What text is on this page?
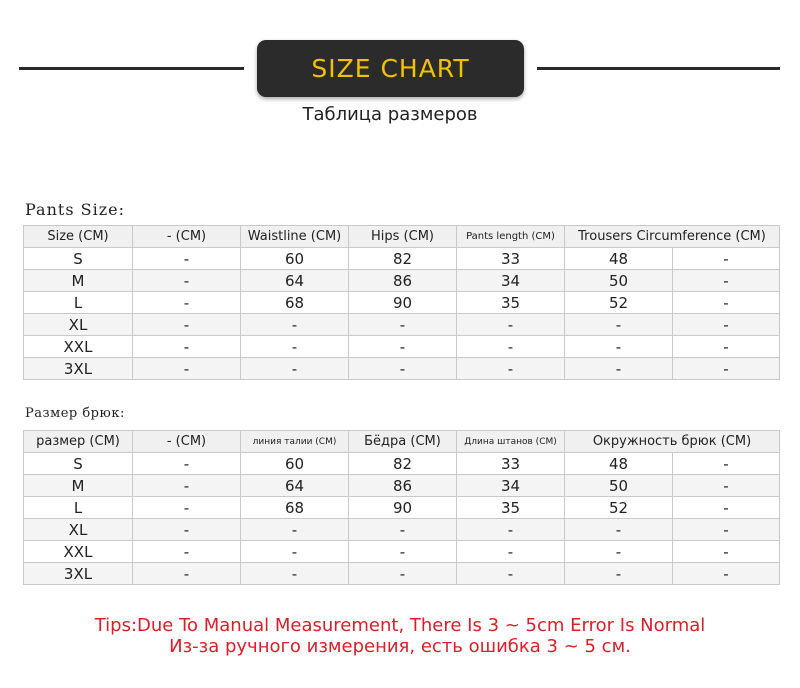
SIZE CHART
Таблица размеров
Pants Size:
Size (CM)	- (CM)	Waistline (CM)	Hips (CM)	Pants length (CM)	Trousers Circumference (CM)	
S	-	60	82	33	48	-
M	-	64	86	34	50	-
L	-	68	90	35	52	-
XL	-	-	-	-	-	-
XXL	-	-	-	-	-	-
3XL	-	-	-	-	-	-
Размер брюк:
размер (CM)	- (CM)	линия талии (CM)	Бёдра (CM)	Длина штанов (CM)	Окружность брюк (CM)	
S	-	60	82	33	48	-
M	-	64	86	34	50	-
L	-	68	90	35	52	-
XL	-	-	-	-	-	-
XXL	-	-	-	-	-	-
3XL	-	-	-	-	-	-
Tips:Due To Manual Measurement, There Is 3 ~ 5cm Error Is Normal
Из-за ручного измерения, есть ошибка 3 ~ 5 см.
